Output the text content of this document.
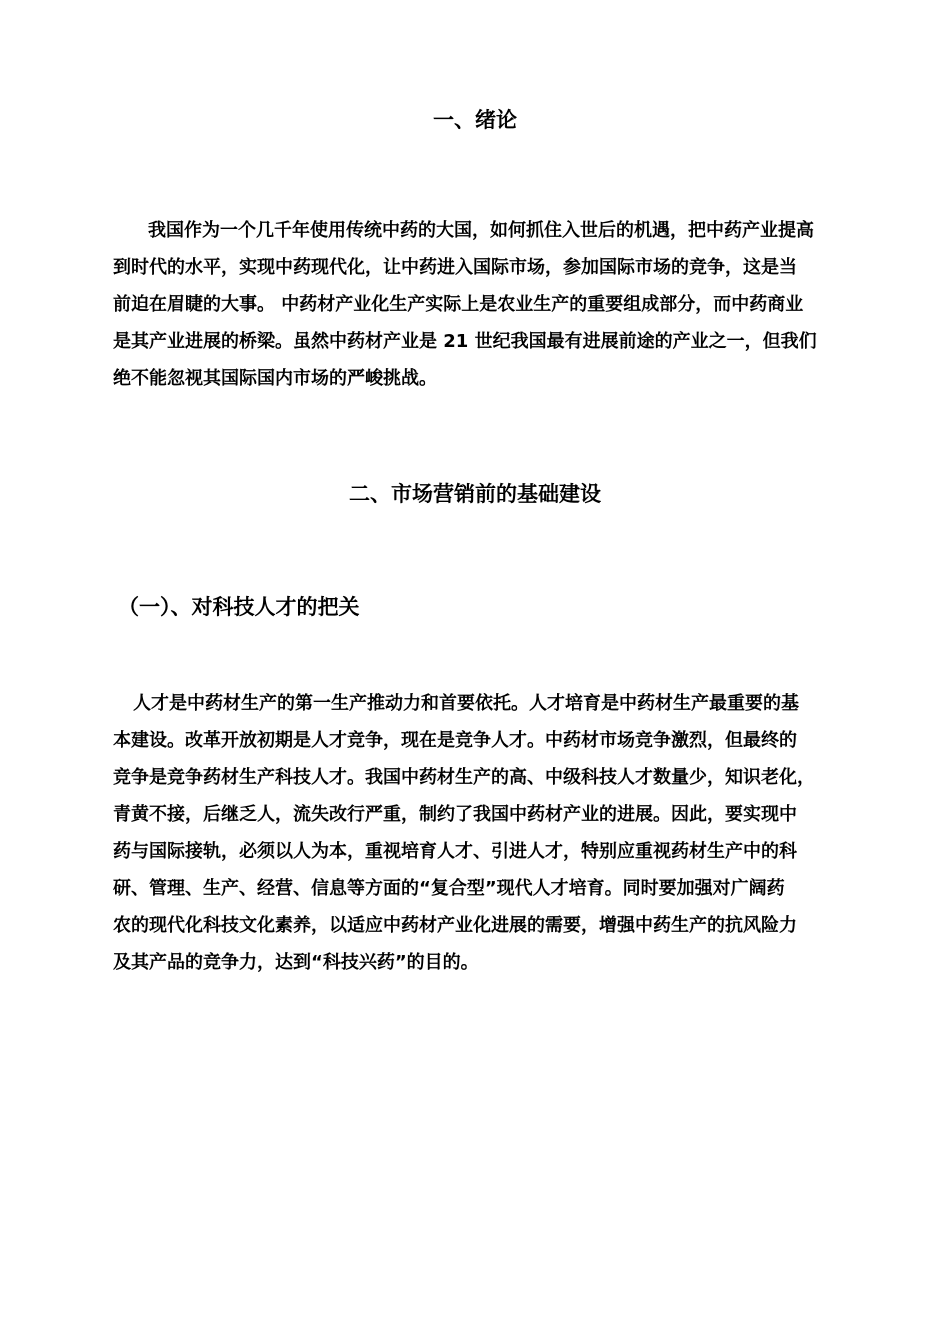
一、绪论
我国作为一个几千年使用传统中药的大国，如何抓住入世后的机遇，把中药产业提高
到时代的水平，实现中药现代化，让中药进入国际市场，参加国际市场的竞争，这是当
前迫在眉睫的大事。 中药材产业化生产实际上是农业生产的重要组成部分，而中药商业
是其产业进展的桥梁。虽然中药材产业是 21 世纪我国最有进展前途的产业之一，但我们
绝不能忽视其国际国内市场的严峻挑战。
二、市场营销前的基础建设
（一）、对科技人才的把关
人才是中药材生产的第一生产推动力和首要依托。人才培育是中药材生产最重要的基
本建设。改革开放初期是人才竞争，现在是竞争人才。中药材市场竞争激烈，但最终的
竞争是竞争药材生产科技人才。我国中药材生产的高、中级科技人才数量少，知识老化，
青黄不接，后继乏人，流失改行严重，制约了我国中药材产业的进展。因此，要实现中
药与国际接轨，必须以人为本，重视培育人才、引进人才，特别应重视药材生产中的科
研、管理、生产、经营、信息等方面的“复合型”现代人才培育。同时要加强对广阔药
农的现代化科技文化素养，以适应中药材产业化进展的需要，增强中药生产的抗风险力
及其产品的竞争力，达到“科技兴药”的目的。
